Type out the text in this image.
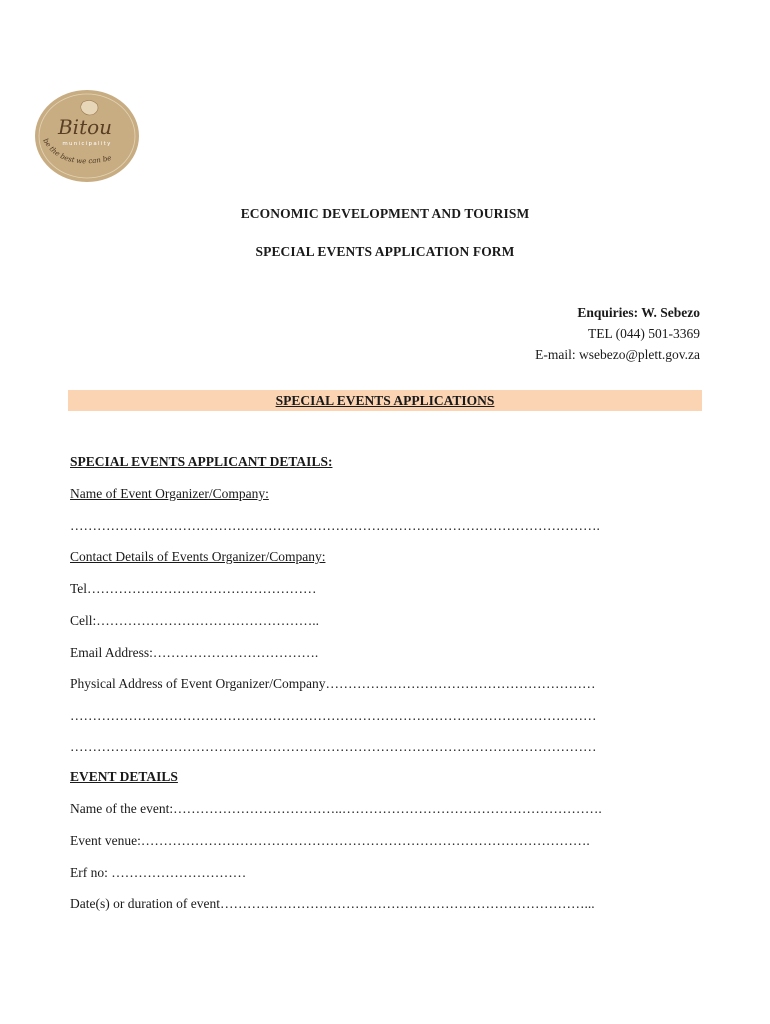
Bitou
municipality
be the best we can be
ECONOMIC DEVELOPMENT AND TOURISM
SPECIAL EVENTS APPLICATION FORM
Enquiries: W. Sebezo
TEL (044) 501-3369
E-mail: wsebezo@plett.gov.za
SPECIAL EVENTS APPLICATIONS
SPECIAL EVENTS APPLICANT DETAILS:
Name of Event Organizer/Company:
……………………………………………………………………………………………………….
Contact Details of Events Organizer/Company:
Tel……………………………………………
Cell:…………………………………………..
Email Address:……………………………….
Physical Address of Event Organizer/Company……………………………………………………
………………………………………………………………………………………………………
………………………………………………………………………………………………………
EVENT DETAILS
Name of the event:………………………………..………………………………………………….
Event venue:……………………………………………………………………………………….
Erf no: …………………………
Date(s) or duration of event………………………………………………………………………...
